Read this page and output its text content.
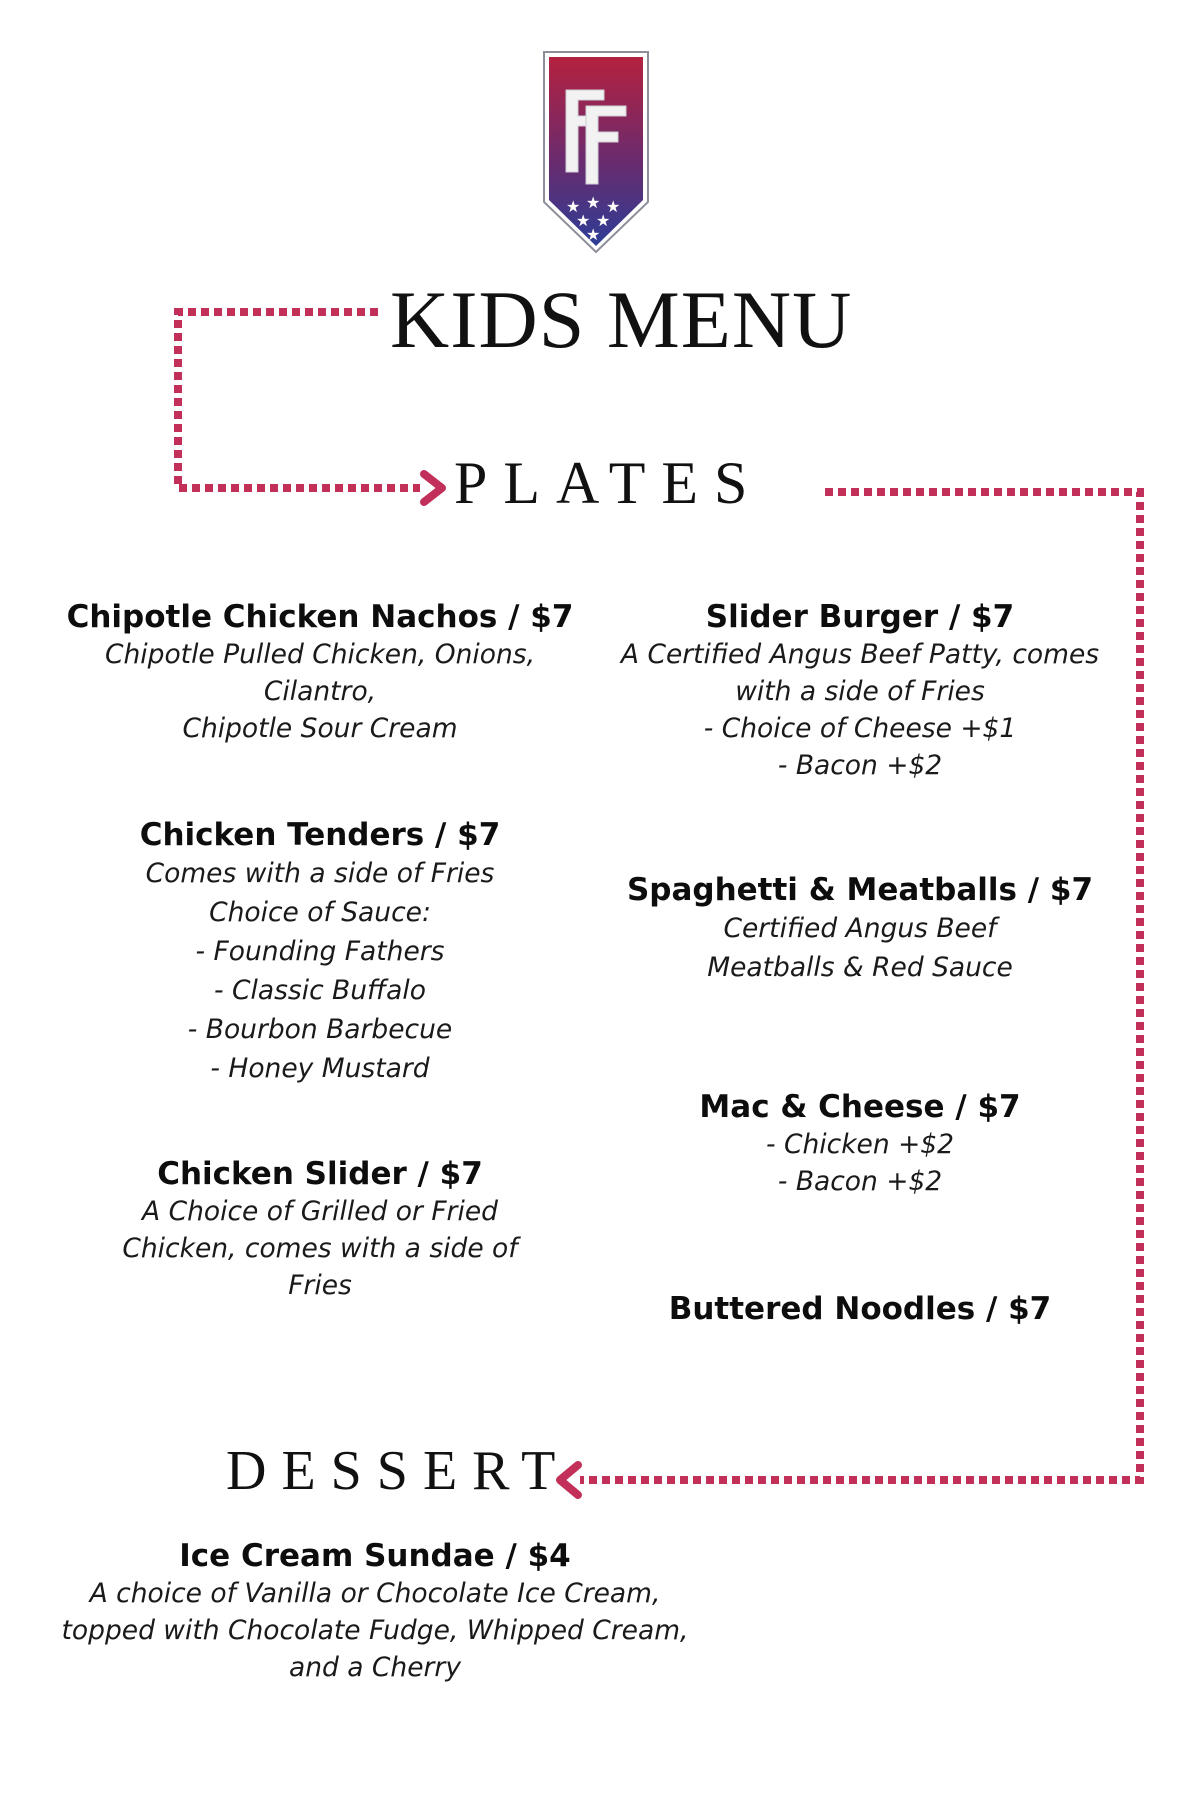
★ ★ ★
★ ★
★
KIDS MENU
PLATES
DESSERT
Chipotle Chicken Nachos / $7
Chipotle Pulled Chicken, Onions,
Cilantro,
Chipotle Sour Cream
Chicken Tenders / $7
Comes with a side of Fries
Choice of Sauce:
- Founding Fathers
- Classic Buffalo
- Bourbon Barbecue
- Honey Mustard
Chicken Slider / $7
A Choice of Grilled or Fried
Chicken, comes with a side of
Fries
Slider Burger / $7
A Certified Angus Beef Patty, comes
with a side of Fries
- Choice of Cheese +$1
- Bacon +$2
Spaghetti & Meatballs / $7
Certified Angus Beef
Meatballs & Red Sauce
Mac & Cheese / $7
- Chicken +$2
- Bacon +$2
Buttered Noodles / $7
Ice Cream Sundae / $4
A choice of Vanilla or Chocolate Ice Cream,
topped with Chocolate Fudge, Whipped Cream,
and a Cherry
